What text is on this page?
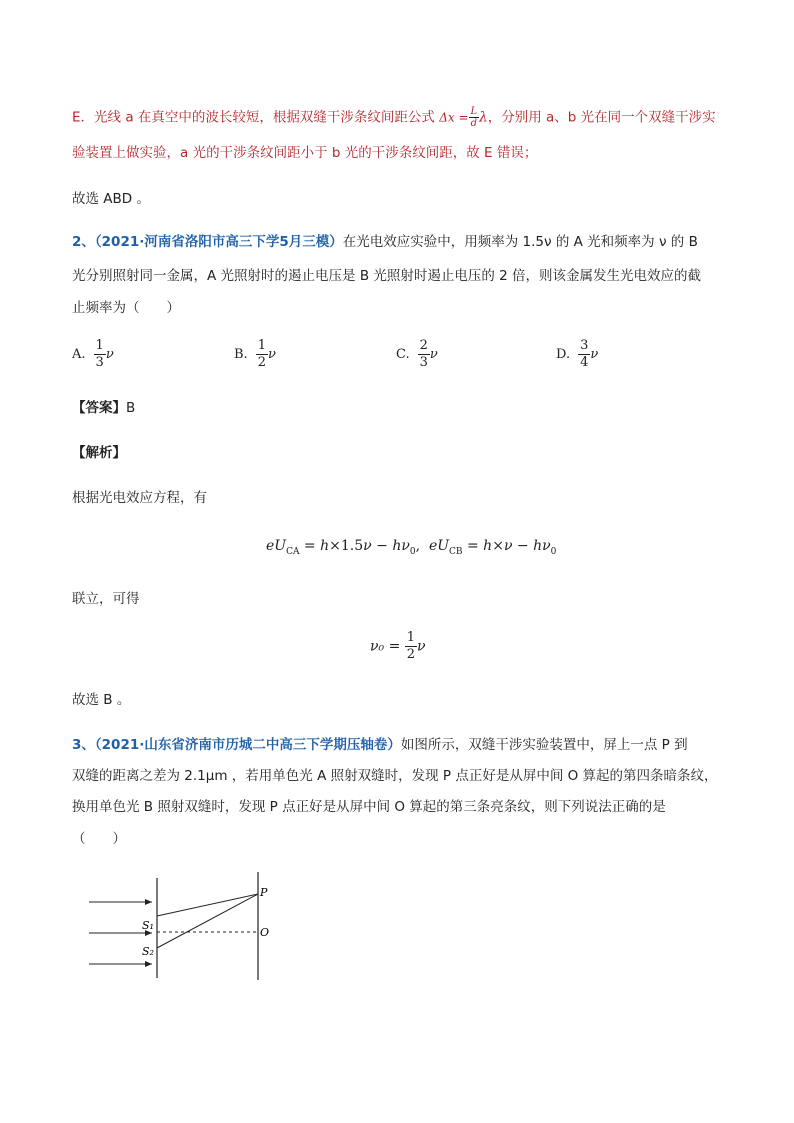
E．光线 a 在真空中的波长较短，根据双缝干涉条纹间距公式 $\Delta x = \frac{L}{d}$ λ，分别用 a、b 光在同一个双缝干涉实
验装置上做实验，a 光的干涉条纹间距小于 b 光的干涉条纹间距，故 E 错误；
故选 ABD 。
2、（2021·河南省洛阳市高三下学5月三模）在光电效应实验中，用频率为 1.5ν 的 A 光和频率为 ν 的 B
光分别照射同一金属，A 光照射时的遏止电压是 B 光照射时遏止电压的 2 倍，则该金属发生光电效应的截
止频率为（　　）
A. $\frac{1}{3}$ ν	B. $\frac{1}{2}$ ν	C. $\frac{2}{3}$ ν	D. $\frac{3}{4}$ ν
【答案】B
【解析】
根据光电效应方程，有
$eU_{CA} = h\times 1.5\nu - h\nu_0$,  $eU_{CB} = h\times\nu - h\nu_0$
联立，可得
$\nu_0 = \frac{1}{2}$ ν
故选 B 。
3、（2021·山东省济南市历城二中高三下学期压轴卷）如图所示，双缝干涉实验装置中，屏上一点 P 到
双缝的距离之差为 2.1μm ，若用单色光 A 照射双缝时，发现 P 点正好是从屏中间 O 算起的第四条暗条纹，
换用单色光 B 照射双缝时，发现 P 点正好是从屏中间 O 算起的第三条亮条纹，则下列说法正确的是
（　　）
P
O
S₁
S₂
